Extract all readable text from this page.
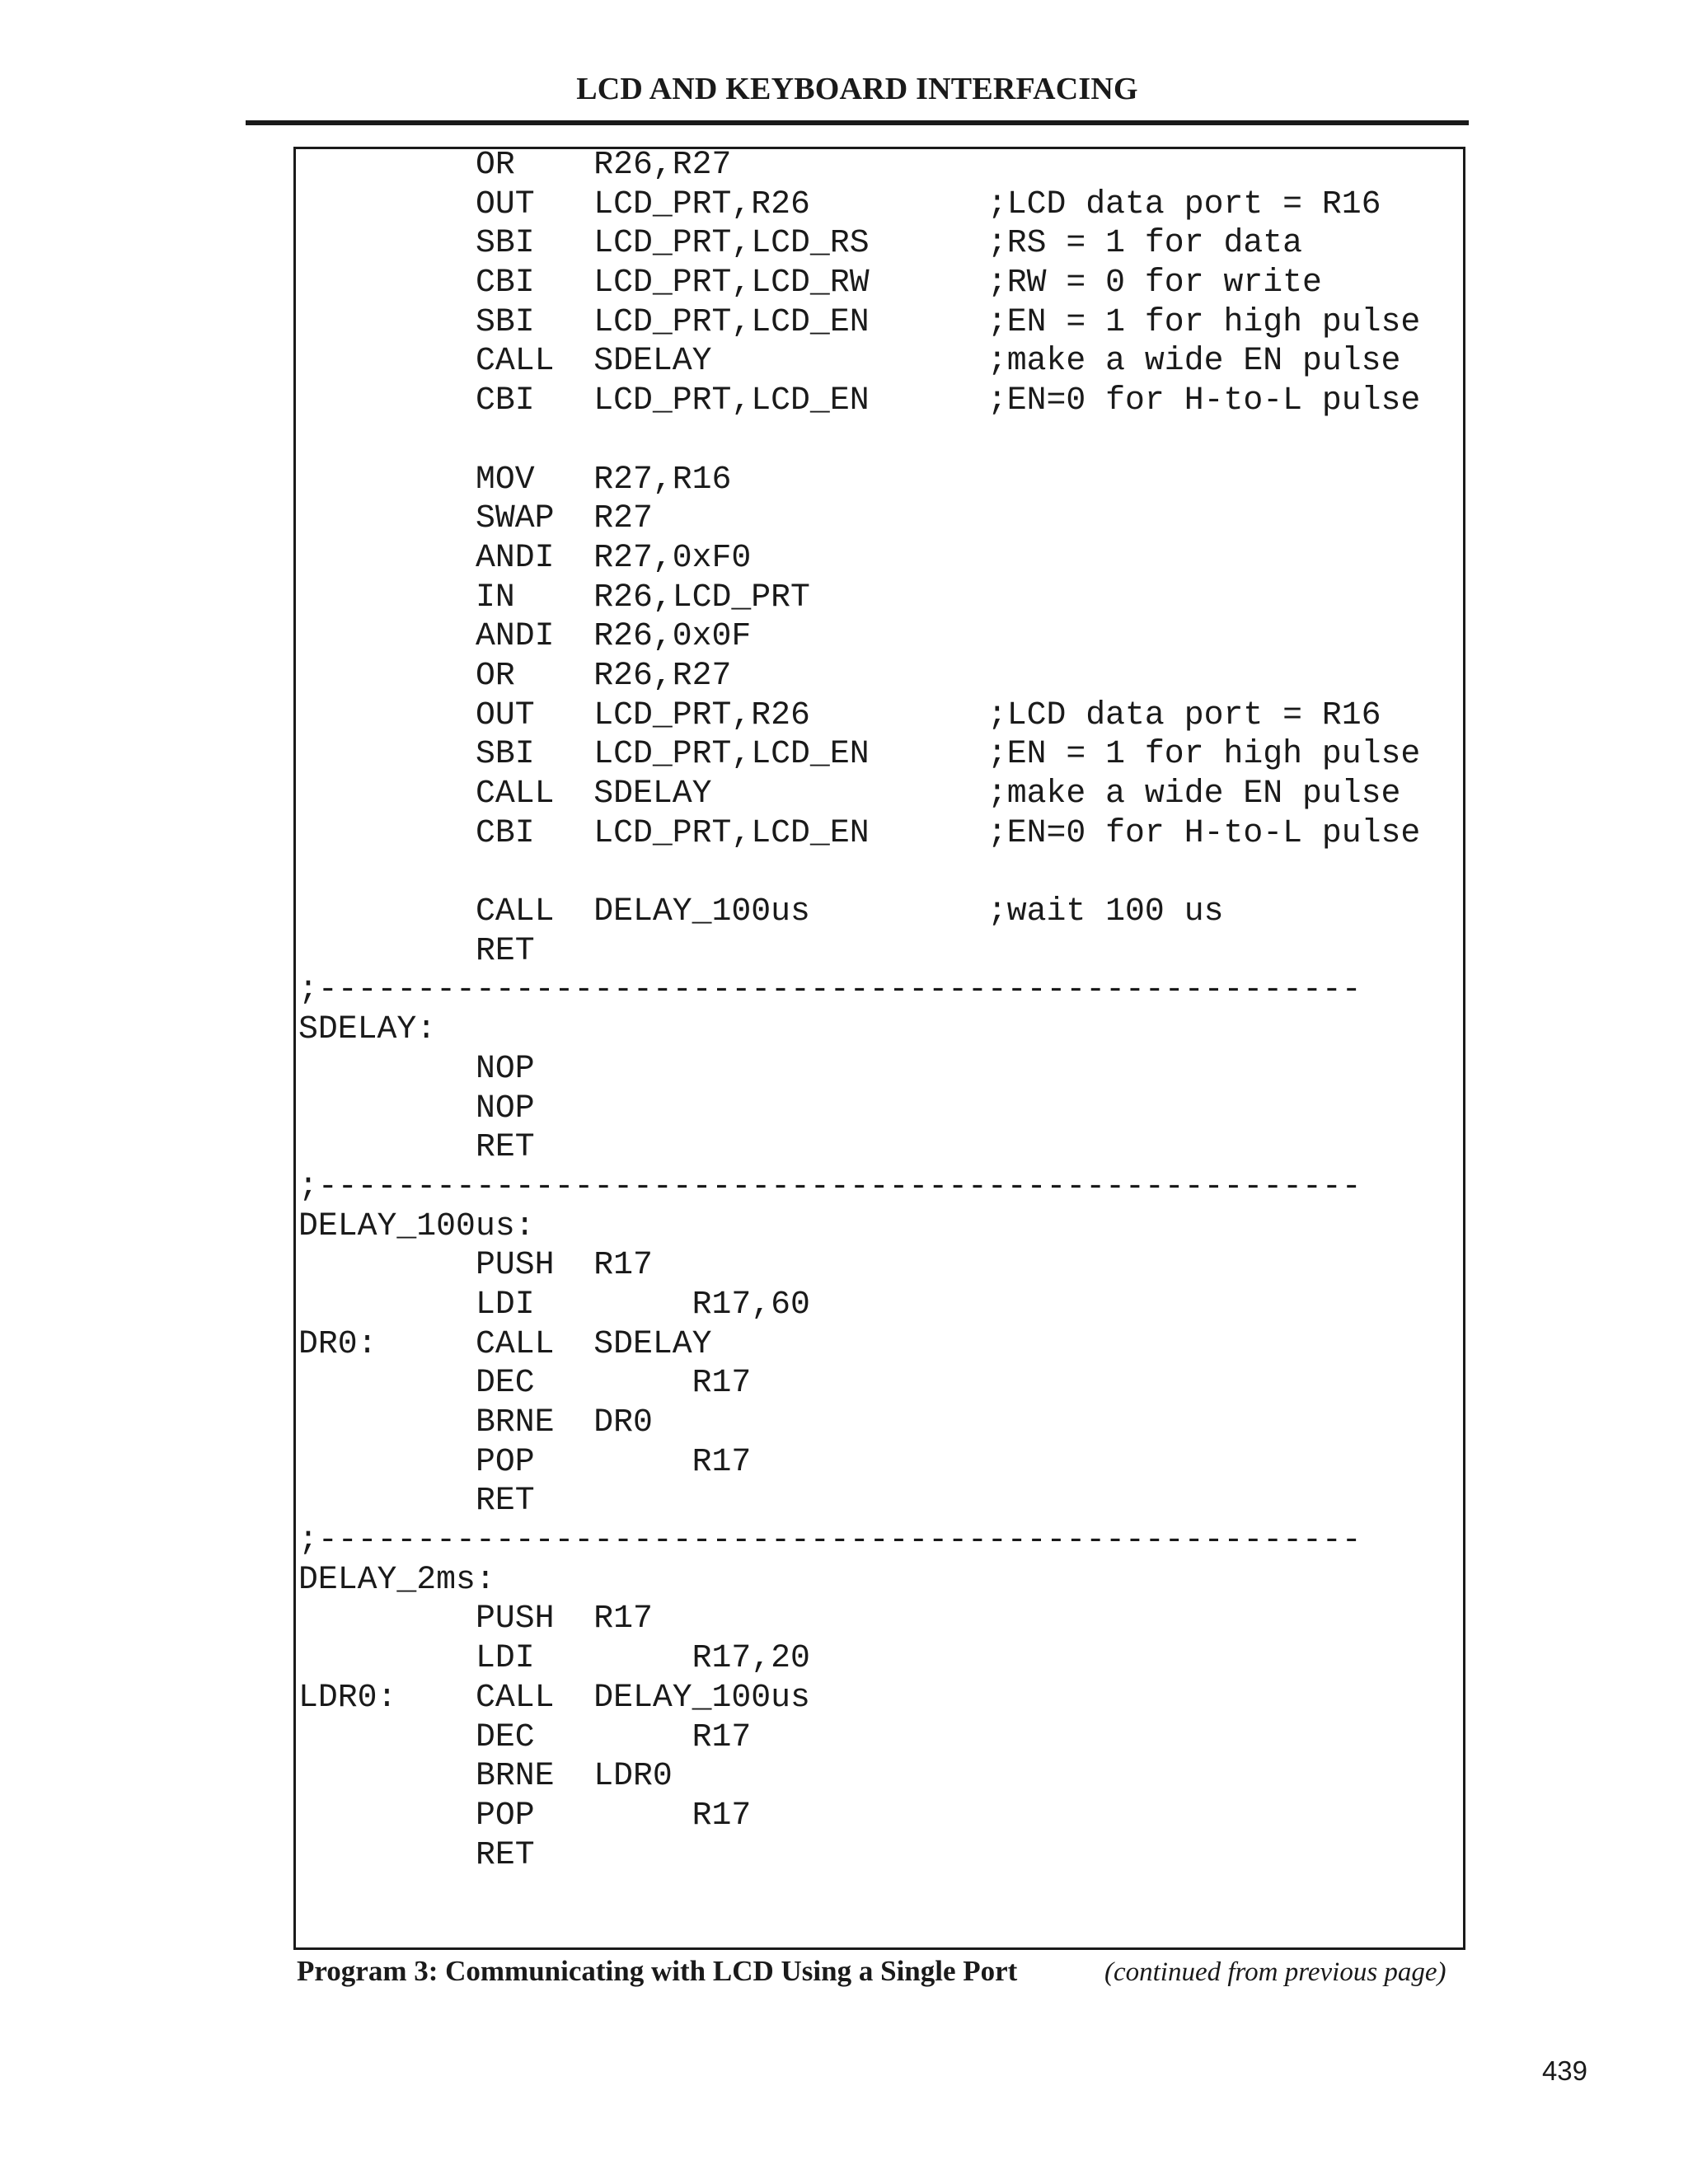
LCD AND KEYBOARD INTERFACING
OR    R26,R27
OUT   LCD_PRT,R26         ;LCD data port = R16
SBI   LCD_PRT,LCD_RS      ;RS = 1 for data
CBI   LCD_PRT,LCD_RW      ;RW = 0 for write
SBI   LCD_PRT,LCD_EN      ;EN = 1 for high pulse
CALL  SDELAY              ;make a wide EN pulse
CBI   LCD_PRT,LCD_EN      ;EN=0 for H-to-L pulse
MOV   R27,R16
SWAP  R27
ANDI  R27,0xF0
IN    R26,LCD_PRT
ANDI  R26,0x0F
OR    R26,R27
OUT   LCD_PRT,R26         ;LCD data port = R16
SBI   LCD_PRT,LCD_EN      ;EN = 1 for high pulse
CALL  SDELAY              ;make a wide EN pulse
CBI   LCD_PRT,LCD_EN      ;EN=0 for H-to-L pulse
CALL  DELAY_100us         ;wait 100 us
RET
;-----------------------------------------------------
SDELAY:
NOP
NOP
RET
;-----------------------------------------------------
DELAY_100us:
PUSH  R17
LDI        R17,60
DR0:     CALL  SDELAY
DEC        R17
BRNE  DR0
POP        R17
RET
;-----------------------------------------------------
DELAY_2ms:
PUSH  R17
LDI        R17,20
LDR0:    CALL  DELAY_100us
DEC        R17
BRNE  LDR0
POP        R17
RET
Program 3: Communicating with LCD Using a Single Port	(continued from previous page)
439
